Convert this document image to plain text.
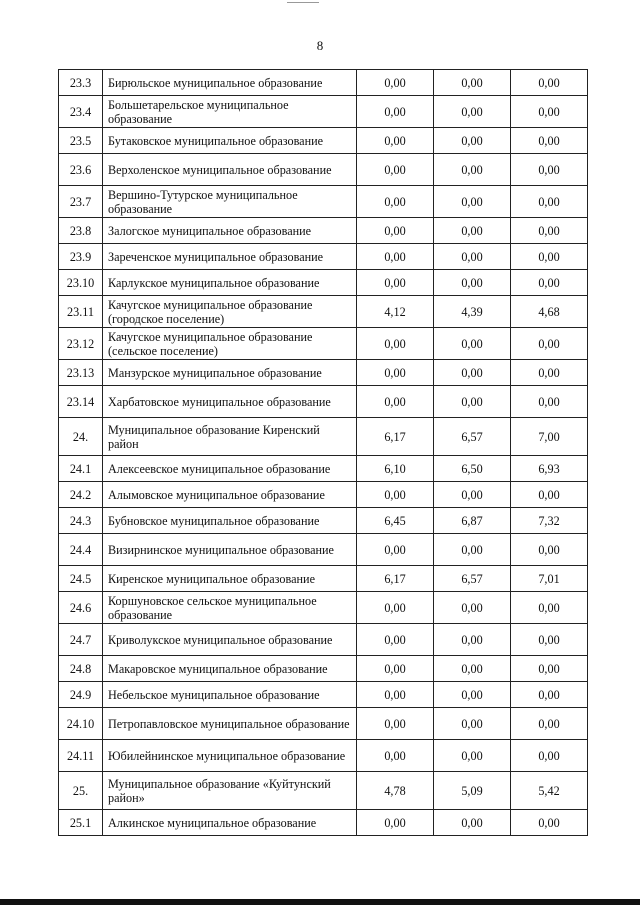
8
23.3	Бирюльское муниципальное образование	0,00	0,00	0,00
23.4	Большетарельское муниципальное образование	0,00	0,00	0,00
23.5	Бутаковское муниципальное образование	0,00	0,00	0,00
23.6	Верхоленское муниципальное образование	0,00	0,00	0,00
23.7	Вершино-Тутурское муниципальное образование	0,00	0,00	0,00
23.8	Залогское муниципальное образование	0,00	0,00	0,00
23.9	Зареченское муниципальное образование	0,00	0,00	0,00
23.10	Карлукское муниципальное образование	0,00	0,00	0,00
23.11	Качугское муниципальное образование (городское поселение)	4,12	4,39	4,68
23.12	Качугское муниципальное образование (сельское поселение)	0,00	0,00	0,00
23.13	Манзурское муниципальное образование	0,00	0,00	0,00
23.14	Харбатовское муниципальное образование	0,00	0,00	0,00
24.	Муниципальное образование Киренский район	6,17	6,57	7,00
24.1	Алексеевское муниципальное образование	6,10	6,50	6,93
24.2	Алымовское муниципальное образование	0,00	0,00	0,00
24.3	Бубновское муниципальное образование	6,45	6,87	7,32
24.4	Визирнинское муниципальное образование	0,00	0,00	0,00
24.5	Киренское муниципальное образование	6,17	6,57	7,01
24.6	Коршуновское сельское муниципальное образование	0,00	0,00	0,00
24.7	Криволукское муниципальное образование	0,00	0,00	0,00
24.8	Макаровское муниципальное образование	0,00	0,00	0,00
24.9	Небельское муниципальное образование	0,00	0,00	0,00
24.10	Петропавловское муниципальное образование	0,00	0,00	0,00
24.11	Юбилейнинское муниципальное образование	0,00	0,00	0,00
25.	Муниципальное образование «Куйтунский район»	4,78	5,09	5,42
25.1	Алкинское муниципальное образование	0,00	0,00	0,00
